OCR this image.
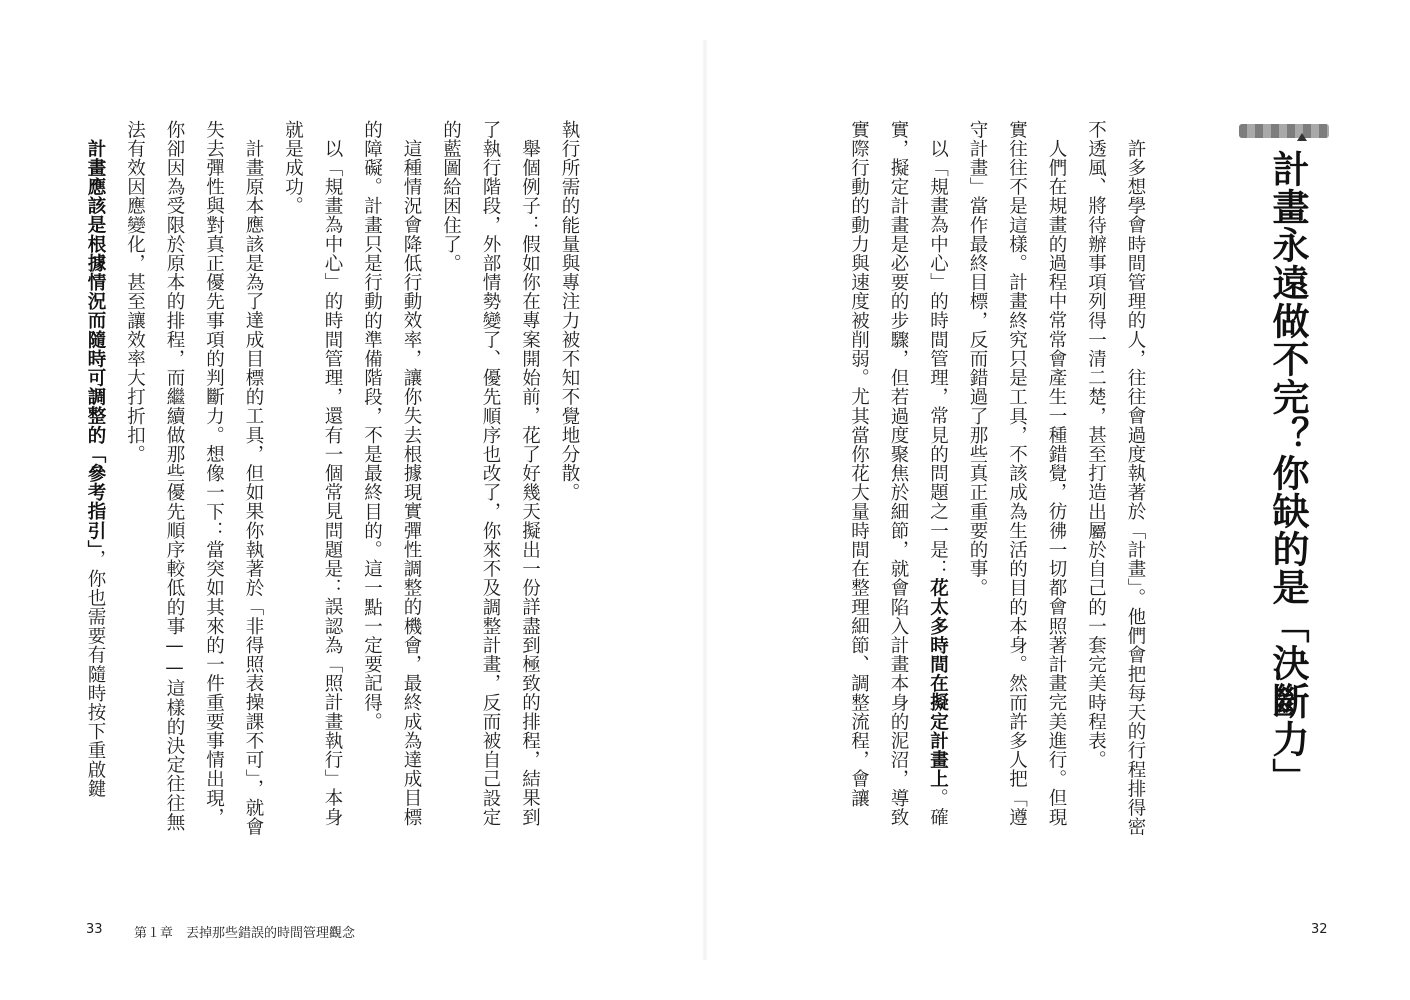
執行所需的能量與專注力被不知不覺地分散。

舉個例子：假如你在專案開始前，花了好幾天擬出一份詳盡到極致的排程，結果到了執行階段，外部情勢變了、優先順序也改了，你來不及調整計畫，反而被自己設定的藍圖給困住了。

這種情況會降低行動效率，讓你失去根據現實彈性調整的機會，最終成為達成目標的障礙。計畫只是行動的準備階段，不是最終目的。這一點一定要記得。

以「規畫為中心」的時間管理，還有一個常見問題是：誤認為「照計畫執行」本身就是成功。

計畫原本應該是為了達成目標的工具，但如果你執著於「非得照表操課不可」，就會失去彈性與對真正優先事項的判斷力。想像一下：當突如其來的一件重要事情出現，你卻因為受限於原本的排程，而繼續做那些優先順序較低的事——這樣的決定往往無法有效因應變化，甚至讓效率大打折扣。

計畫應該是根據情況而隨時可調整的「參考指引」，你也需要有隨時按下重啟鍵

33 第１章　丟掉那些錯誤的時間管理觀念
計畫永遠做不完？你缺的是「決斷力」

許多想學會時間管理的人，往往會過度執著於「計畫」。他們會把每天的行程排得密不透風、將待辦事項列得一清二楚，甚至打造出屬於自己的一套完美時程表。

人們在規畫的過程中常常會產生一種錯覺，彷彿一切都會照著計畫完美進行。但現實往往不是這樣。計畫終究只是工具，不該成為生活的目的本身。然而許多人把「遵守計畫」當作最終目標，反而錯過了那些真正重要的事。

以「規畫為中心」的時間管理，常見的問題之一是：花太多時間在擬定計畫上。確實，擬定計畫是必要的步驟，但若過度聚焦於細節，就會陷入計畫本身的泥沼，導致實際行動的動力與速度被削弱。尤其當你花大量時間在整理細節、調整流程，會讓

32
